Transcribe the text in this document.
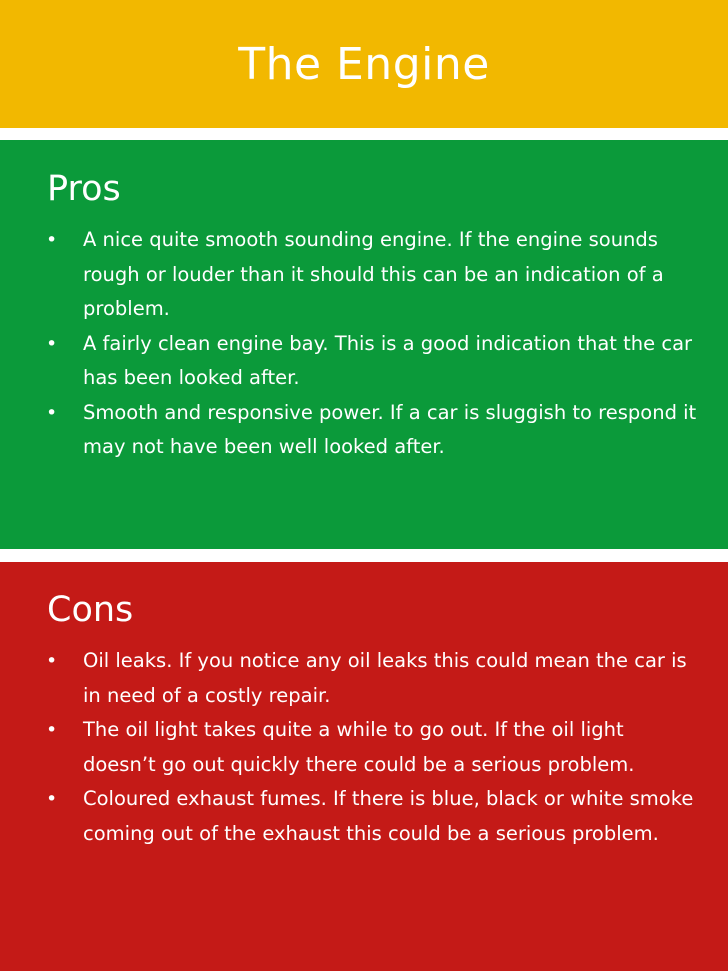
The Engine
Pros
• A nice quite smooth sounding engine. If the engine sounds rough or louder than it should this can be an indication of a problem.
• A fairly clean engine bay. This is a good indication that the car has been looked after.
• Smooth and responsive power. If a car is sluggish to respond it may not have been well looked after.
Cons
• Oil leaks. If you notice any oil leaks this could mean the car is in need of a costly repair.
• The oil light takes quite a while to go out. If the oil light doesn’t go out quickly there could be a serious problem.
• Coloured exhaust fumes. If there is blue, black or white smoke coming out of the exhaust this could be a serious problem.
